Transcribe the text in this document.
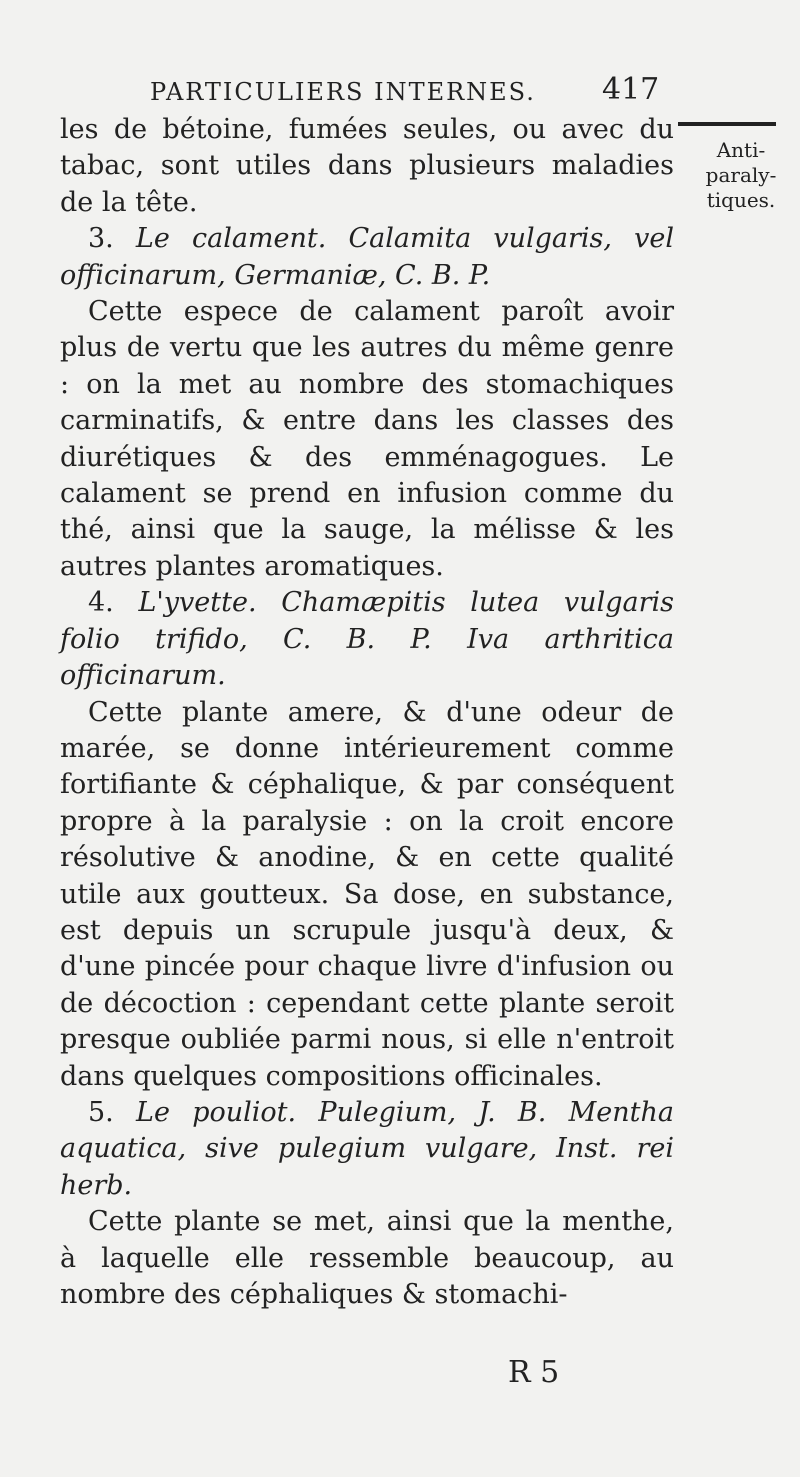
PARTICULIERS INTERNES. 417
Anti-
paraly-
tiques.

les de bétoine, fumées seules, ou avec du tabac, sont utiles dans plusieurs maladies de la tête.

3. Le calament. Calamita vulgaris, vel officinarum, Germaniæ, C. B. P.

Cette espece de calament paroît avoir plus de vertu que les autres du même genre : on la met au nombre des stomachiques carminatifs, & entre dans les classes des diurétiques & des emménagogues. Le calament se prend en infusion comme du thé, ainsi que la sauge, la mélisse & les autres plantes aromatiques.

4. L'yvette. Chamæpitis lutea vulgaris folio trifido, C. B. P. Iva arthritica officinarum.

Cette plante amere, & d'une odeur de marée, se donne intérieurement comme fortifiante & céphalique, & par conséquent propre à la paralysie : on la croit encore résolutive & anodine, & en cette qualité utile aux goutteux. Sa dose, en substance, est depuis un scrupule jusqu'à deux, & d'une pincée pour chaque livre d'infusion ou de décoction : cependant cette plante seroit presque oubliée parmi nous, si elle n'entroit dans quelques compositions officinales.

5. Le pouliot. Pulegium, J. B. Mentha aquatica, sive pulegium vulgare, Inst. rei herb.

Cette plante se met, ainsi que la menthe, à laquelle elle ressemble beaucoup, au nombre des céphaliques & stomachi-

R 5
